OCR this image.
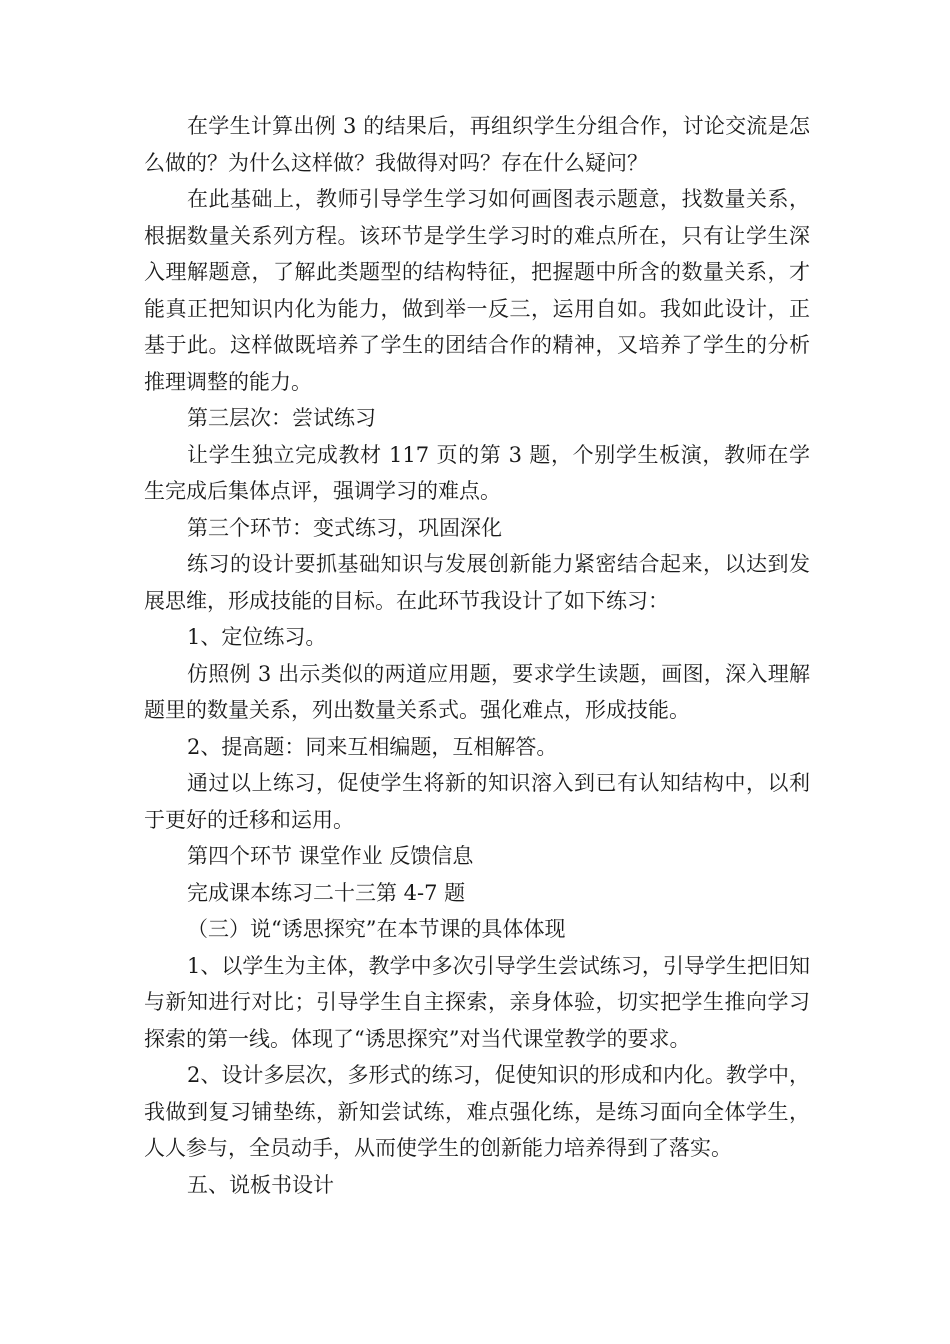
在学生计算出例 3 的结果后，再组织学生分组合作，讨论交流是怎么做的？为什么这样做？我做得对吗？存在什么疑问？

在此基础上，教师引导学生学习如何画图表示题意，找数量关系，根据数量关系列方程。该环节是学生学习时的难点所在，只有让学生深入理解题意，了解此类题型的结构特征，把握题中所含的数量关系，才能真正把知识内化为能力，做到举一反三，运用自如。我如此设计，正基于此。这样做既培养了学生的团结合作的精神，又培养了学生的分析推理调整的能力。

第三层次：尝试练习

让学生独立完成教材 117 页的第 3 题，个别学生板演，教师在学生完成后集体点评，强调学习的难点。

第三个环节：变式练习，巩固深化

练习的设计要抓基础知识与发展创新能力紧密结合起来，以达到发展思维，形成技能的目标。在此环节我设计了如下练习：

1、定位练习。

仿照例 3 出示类似的两道应用题，要求学生读题，画图，深入理解题里的数量关系，列出数量关系式。强化难点，形成技能。

2、提高题：同来互相编题，互相解答。

通过以上练习，促使学生将新的知识溶入到已有认知结构中，以利于更好的迁移和运用。

第四个环节 课堂作业 反馈信息

完成课本练习二十三第 4-7 题

（三）说“诱思探究”在本节课的具体体现

1、以学生为主体，教学中多次引导学生尝试练习，引导学生把旧知与新知进行对比；引导学生自主探索，亲身体验，切实把学生推向学习探索的第一线。体现了“诱思探究”对当代课堂教学的要求。

2、设计多层次，多形式的练习，促使知识的形成和内化。教学中，我做到复习铺垫练，新知尝试练，难点强化练，是练习面向全体学生，人人参与，全员动手，从而使学生的创新能力培养得到了落实。

五、说板书设计
